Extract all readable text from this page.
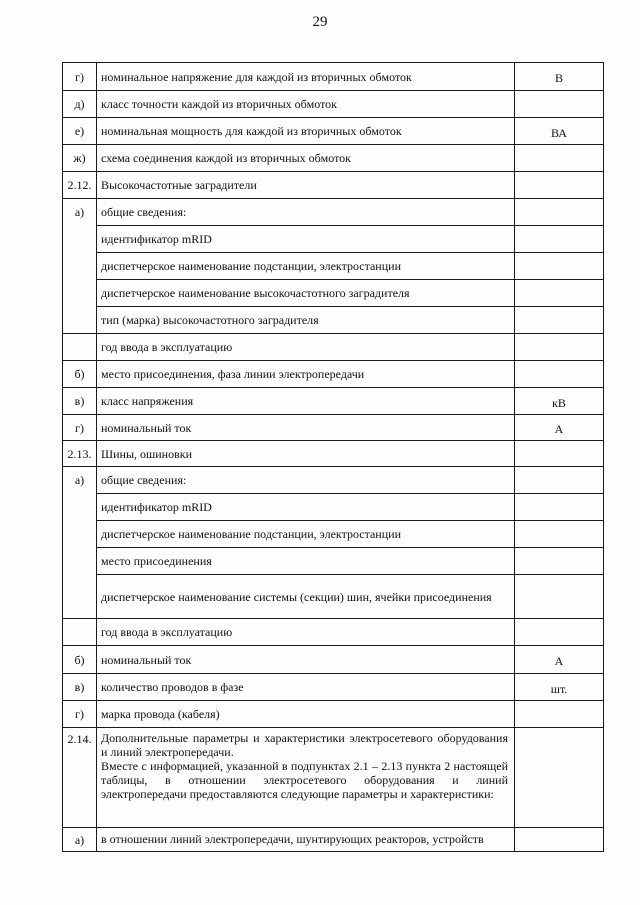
29
г)	номинальное напряжение для каждой из вторичных обмоток	В
д)	класс точности каждой из вторичных обмоток	
е)	номинальная мощность для каждой из вторичных обмоток	ВА
ж)	схема соединения каждой из вторичных обмоток	
2.12.	Высокочастотные заградители	
а)	общие сведения:	
	идентификатор mRID	
	диспетчерское наименование подстанции, электростанции	
	диспетчерское наименование высокочастотного заградителя	
	тип (марка) высокочастотного заградителя	
	год ввода в эксплуатацию	
б)	место присоединения, фаза линии электропередачи	
в)	класс напряжения	кВ
г)	номинальный ток	А
2.13.	Шины, ошиновки	
а)	общие сведения:	
	идентификатор mRID	
	диспетчерское наименование подстанции, электростанции	
	место присоединения	
	диспетчерское наименование системы (секции) шин, ячейки присоединения	
	год ввода в эксплуатацию	
б)	номинальный ток	А
в)	количество проводов в фазе	шт.
г)	марка провода (кабеля)	
2.14.	Дополнительные параметры и характеристики электросетевого оборудования и линий электропередачи.
Вместе с информацией, указанной в подпунктах 2.1 – 2.13 пункта 2 настоящей таблицы, в отношении электросетевого оборудования и линий электропередачи предоставляются следующие параметры и характеристики:	

а)	в отношении линий электропередачи, шунтирующих реакторов, устройств	
